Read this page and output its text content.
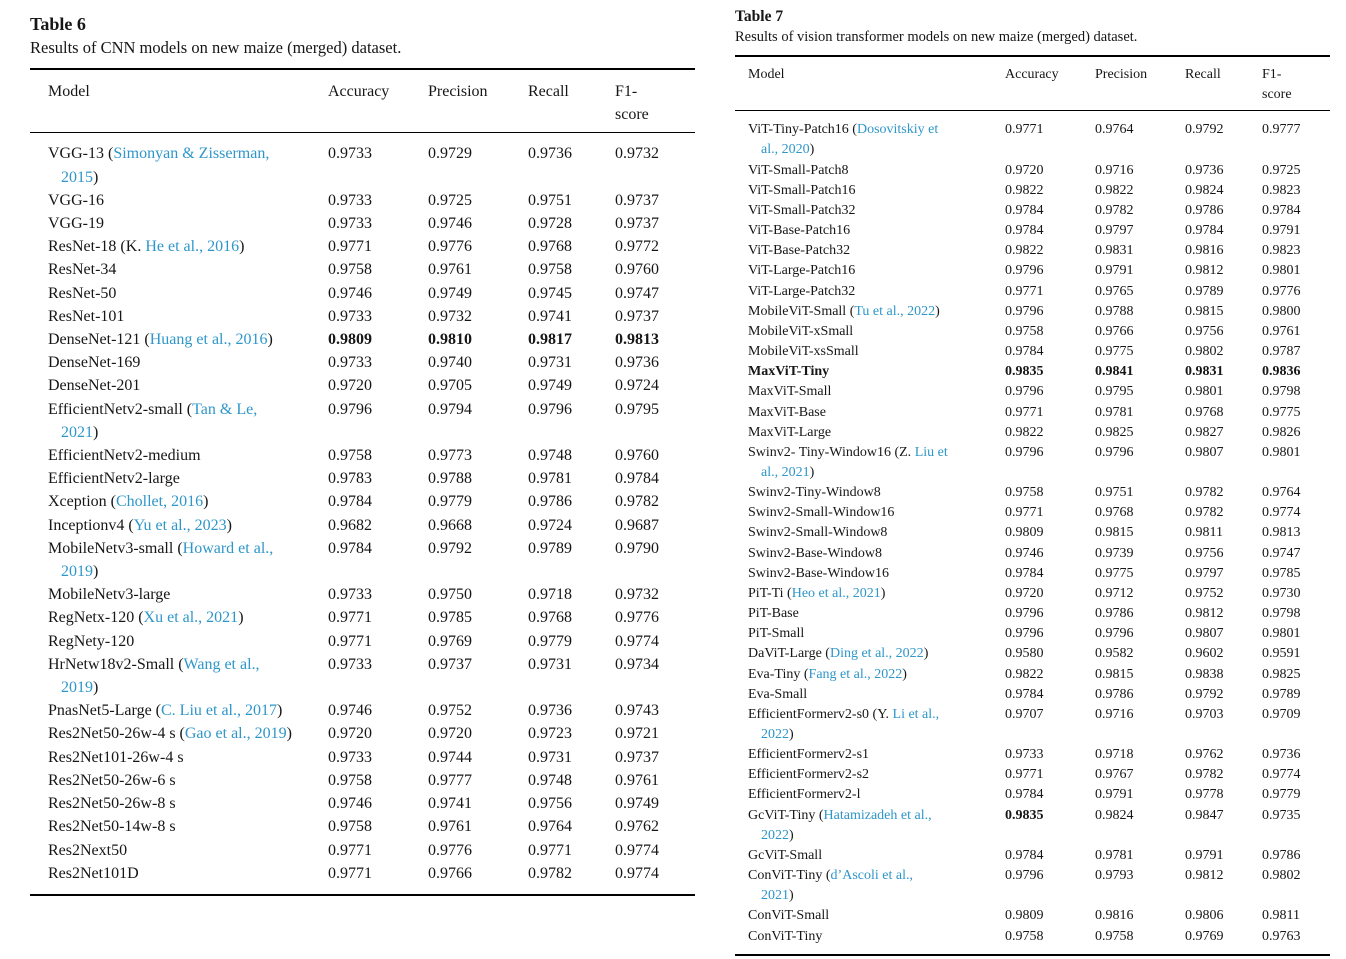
Table 6
Results of CNN models on new maize (merged) dataset.
Model	Accuracy	Precision	Recall	F1-score

VGG-13 (Simonyan & Zisserman, 2015)	0.9733	0.9729	0.9736	0.9732

VGG-16	0.9733	0.9725	0.9751	0.9737

VGG-19	0.9733	0.9746	0.9728	0.9737

ResNet-18 (K. He et al., 2016)	0.9771	0.9776	0.9768	0.9772

ResNet-34	0.9758	0.9761	0.9758	0.9760

ResNet-50	0.9746	0.9749	0.9745	0.9747

ResNet-101	0.9733	0.9732	0.9741	0.9737

DenseNet-121 (Huang et al., 2016)	0.9809	0.9810	0.9817	0.9813

DenseNet-169	0.9733	0.9740	0.9731	0.9736

DenseNet-201	0.9720	0.9705	0.9749	0.9724

EfficientNetv2-small (Tan & Le, 2021)	0.9796	0.9794	0.9796	0.9795

EfficientNetv2-medium	0.9758	0.9773	0.9748	0.9760

EfficientNetv2-large	0.9783	0.9788	0.9781	0.9784

Xception (Chollet, 2016)	0.9784	0.9779	0.9786	0.9782

Inceptionv4 (Yu et al., 2023)	0.9682	0.9668	0.9724	0.9687

MobileNetv3-small (Howard et al., 2019)	0.9784	0.9792	0.9789	0.9790

MobileNetv3-large	0.9733	0.9750	0.9718	0.9732

RegNetx-120 (Xu et al., 2021)	0.9771	0.9785	0.9768	0.9776

RegNety-120	0.9771	0.9769	0.9779	0.9774

HrNetw18v2-Small (Wang et al., 2019)	0.9733	0.9737	0.9731	0.9734

PnasNet5-Large (C. Liu et al., 2017)	0.9746	0.9752	0.9736	0.9743

Res2Net50-26w-4 s (Gao et al., 2019)	0.9720	0.9720	0.9723	0.9721

Res2Net101-26w-4 s	0.9733	0.9744	0.9731	0.9737

Res2Net50-26w-6 s	0.9758	0.9777	0.9748	0.9761

Res2Net50-26w-8 s	0.9746	0.9741	0.9756	0.9749

Res2Net50-14w-8 s	0.9758	0.9761	0.9764	0.9762

Res2Next50	0.9771	0.9776	0.9771	0.9774

Res2Net101D	0.9771	0.9766	0.9782	0.9774
Table 7
Results of vision transformer models on new maize (merged) dataset.
Model	Accuracy	Precision	Recall	F1-score

ViT-Tiny-Patch16 (Dosovitskiy et al., 2020)	0.9771	0.9764	0.9792	0.9777

ViT-Small-Patch8	0.9720	0.9716	0.9736	0.9725

ViT-Small-Patch16	0.9822	0.9822	0.9824	0.9823

ViT-Small-Patch32	0.9784	0.9782	0.9786	0.9784

ViT-Base-Patch16	0.9784	0.9797	0.9784	0.9791

ViT-Base-Patch32	0.9822	0.9831	0.9816	0.9823

ViT-Large-Patch16	0.9796	0.9791	0.9812	0.9801

ViT-Large-Patch32	0.9771	0.9765	0.9789	0.9776

MobileViT-Small (Tu et al., 2022)	0.9796	0.9788	0.9815	0.9800

MobileViT-xSmall	0.9758	0.9766	0.9756	0.9761

MobileViT-xsSmall	0.9784	0.9775	0.9802	0.9787

MaxViT-Tiny	0.9835	0.9841	0.9831	0.9836

MaxViT-Small	0.9796	0.9795	0.9801	0.9798

MaxViT-Base	0.9771	0.9781	0.9768	0.9775

MaxViT-Large	0.9822	0.9825	0.9827	0.9826

Swinv2- Tiny-Window16 (Z. Liu et al., 2021)	0.9796	0.9796	0.9807	0.9801

Swinv2-Tiny-Window8	0.9758	0.9751	0.9782	0.9764

Swinv2-Small-Window16	0.9771	0.9768	0.9782	0.9774

Swinv2-Small-Window8	0.9809	0.9815	0.9811	0.9813

Swinv2-Base-Window8	0.9746	0.9739	0.9756	0.9747

Swinv2-Base-Window16	0.9784	0.9775	0.9797	0.9785

PiT-Ti (Heo et al., 2021)	0.9720	0.9712	0.9752	0.9730

PiT-Base	0.9796	0.9786	0.9812	0.9798

PiT-Small	0.9796	0.9796	0.9807	0.9801

DaViT-Large (Ding et al., 2022)	0.9580	0.9582	0.9602	0.9591

Eva-Tiny (Fang et al., 2022)	0.9822	0.9815	0.9838	0.9825

Eva-Small	0.9784	0.9786	0.9792	0.9789

EfficientFormerv2-s0 (Y. Li et al., 2022)	0.9707	0.9716	0.9703	0.9709

EfficientFormerv2-s1	0.9733	0.9718	0.9762	0.9736

EfficientFormerv2-s2	0.9771	0.9767	0.9782	0.9774

EfficientFormerv2-l	0.9784	0.9791	0.9778	0.9779

GcViT-Tiny (Hatamizadeh et al., 2022)	0.9835	0.9824	0.9847	0.9735

GcViT-Small	0.9784	0.9781	0.9791	0.9786

ConViT-Tiny (d’Ascoli et al., 2021)	0.9796	0.9793	0.9812	0.9802

ConViT-Small	0.9809	0.9816	0.9806	0.9811

ConViT-Tiny	0.9758	0.9758	0.9769	0.9763
